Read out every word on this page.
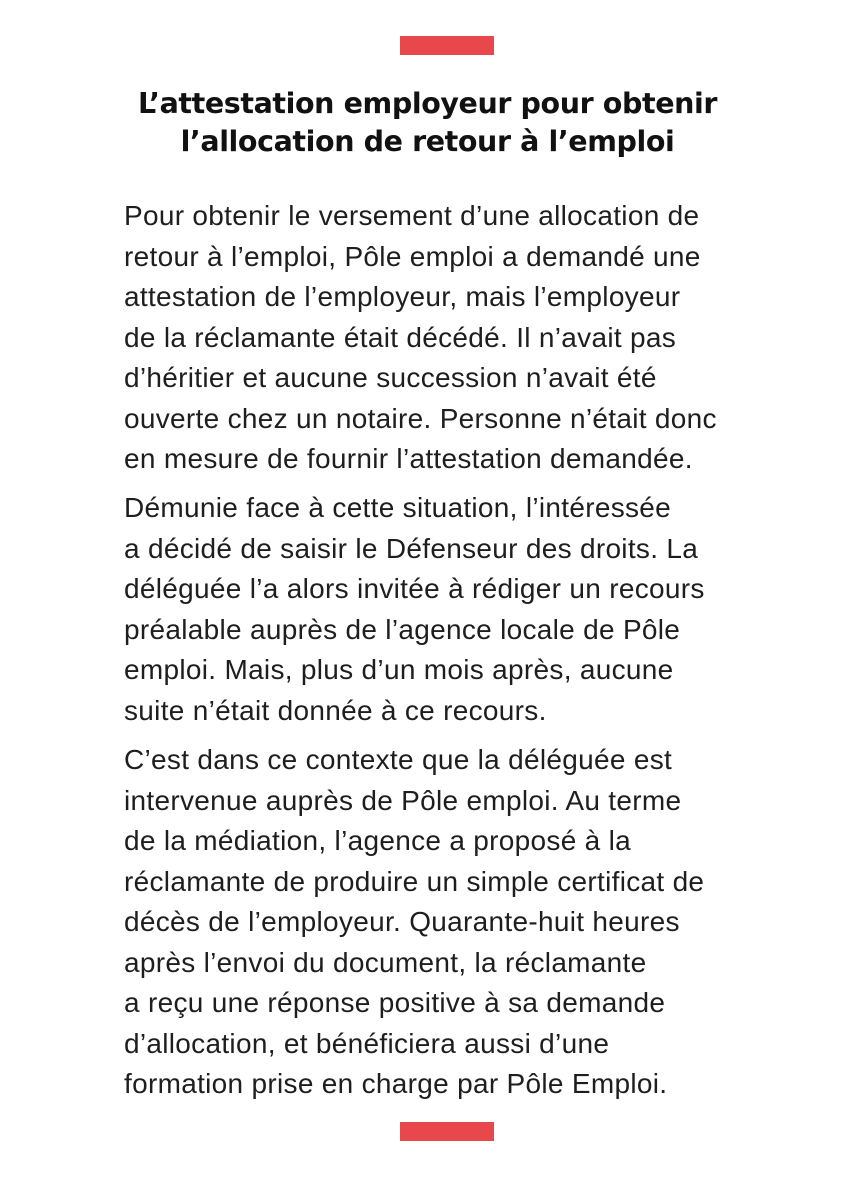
L’attestation employeur pour obtenir
l’allocation de retour à l’emploi

Pour obtenir le versement d’une allocation de
retour à l’emploi, Pôle emploi a demandé une
attestation de l’employeur, mais l’employeur
de la réclamante était décédé. Il n’avait pas
d’héritier et aucune succession n’avait été
ouverte chez un notaire. Personne n’était donc
en mesure de fournir l’attestation demandée.

Démunie face à cette situation, l’intéressée
a décidé de saisir le Défenseur des droits. La
déléguée l’a alors invitée à rédiger un recours
préalable auprès de l’agence locale de Pôle
emploi. Mais, plus d’un mois après, aucune
suite n’était donnée à ce recours.

C’est dans ce contexte que la déléguée est
intervenue auprès de Pôle emploi. Au terme
de la médiation, l’agence a proposé à la
réclamante de produire un simple certificat de
décès de l’employeur. Quarante-huit heures
après l’envoi du document, la réclamante
a reçu une réponse positive à sa demande
d’allocation, et bénéficiera aussi d’une
formation prise en charge par Pôle Emploi.
